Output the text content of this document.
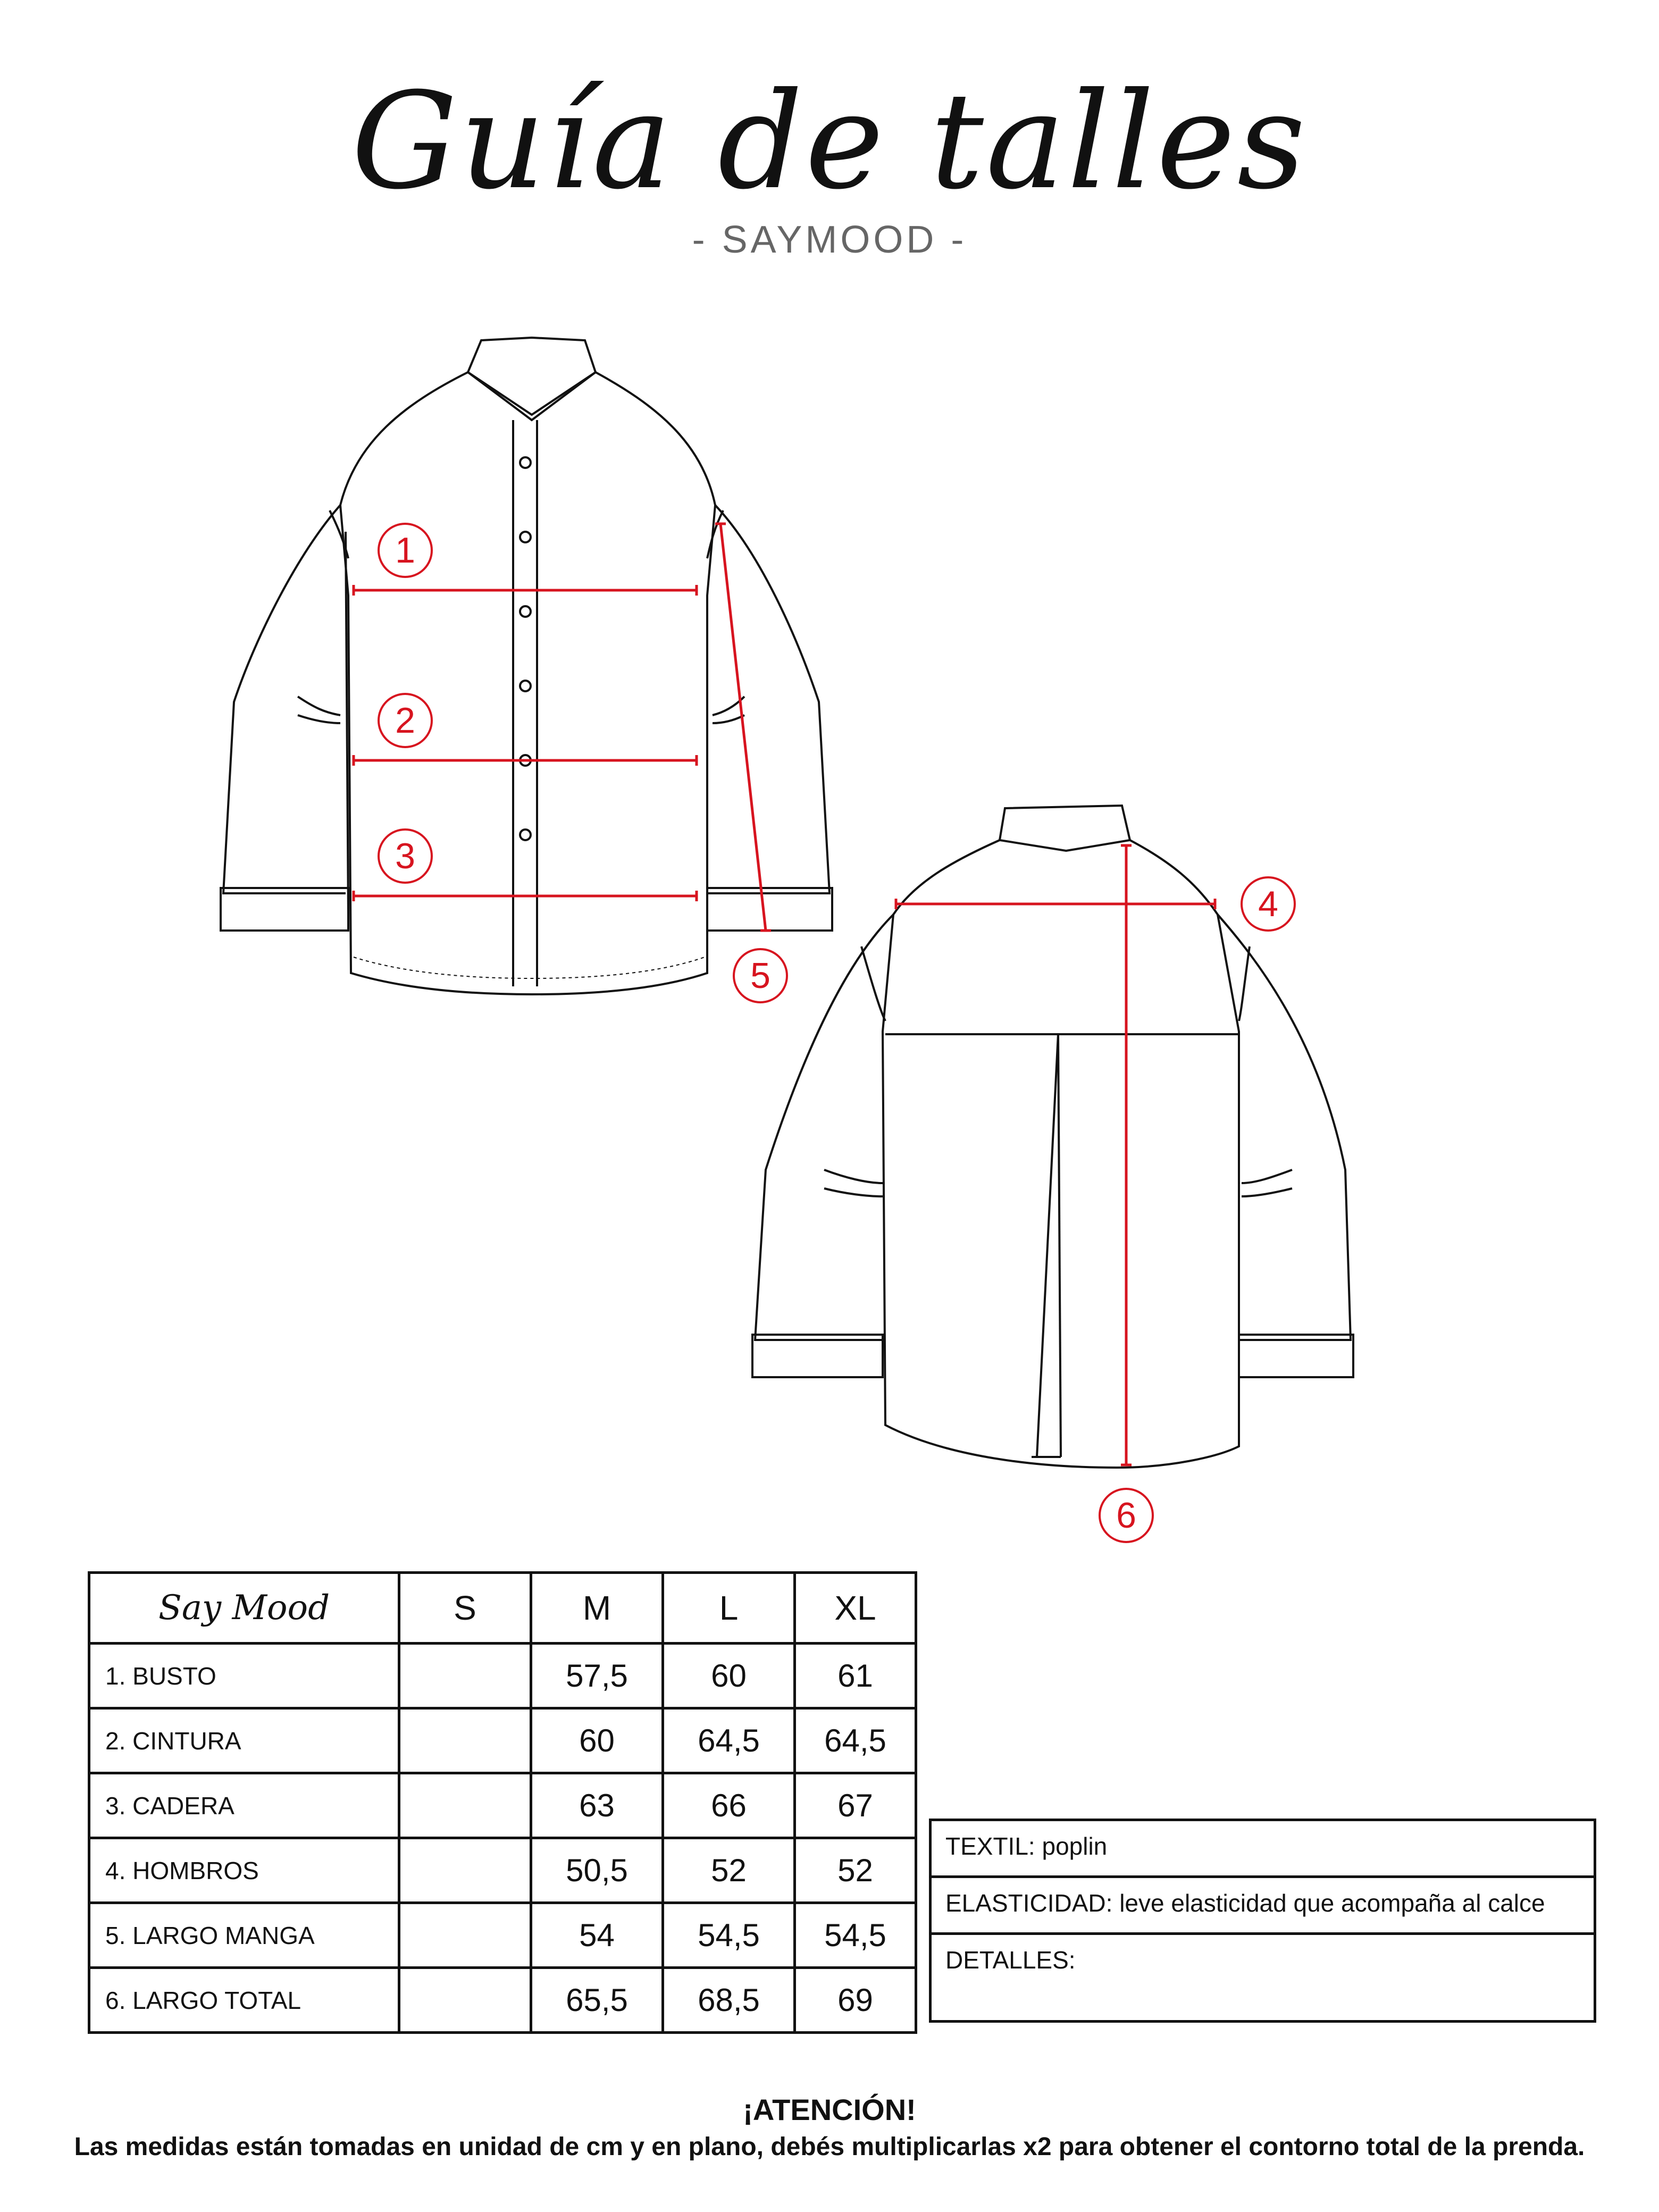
Guía de talles
- SAYMOOD -
1
2
3
5
4
6
Say Mood	S	M	L	XL
1. BUSTO		57,5	60	61
2. CINTURA		60	64,5	64,5
3. CADERA		63	66	67
4. HOMBROS		50,5	52	52
5. LARGO MANGA		54	54,5	54,5
6. LARGO TOTAL		65,5	68,5	69
TEXTIL: poplin
ELASTICIDAD: leve elasticidad que acompaña al calce
DETALLES:
¡ATENCIÓN!
Las medidas están tomadas en unidad de cm y en plano, debés multiplicarlas x2 para obtener el contorno total de la prenda.
